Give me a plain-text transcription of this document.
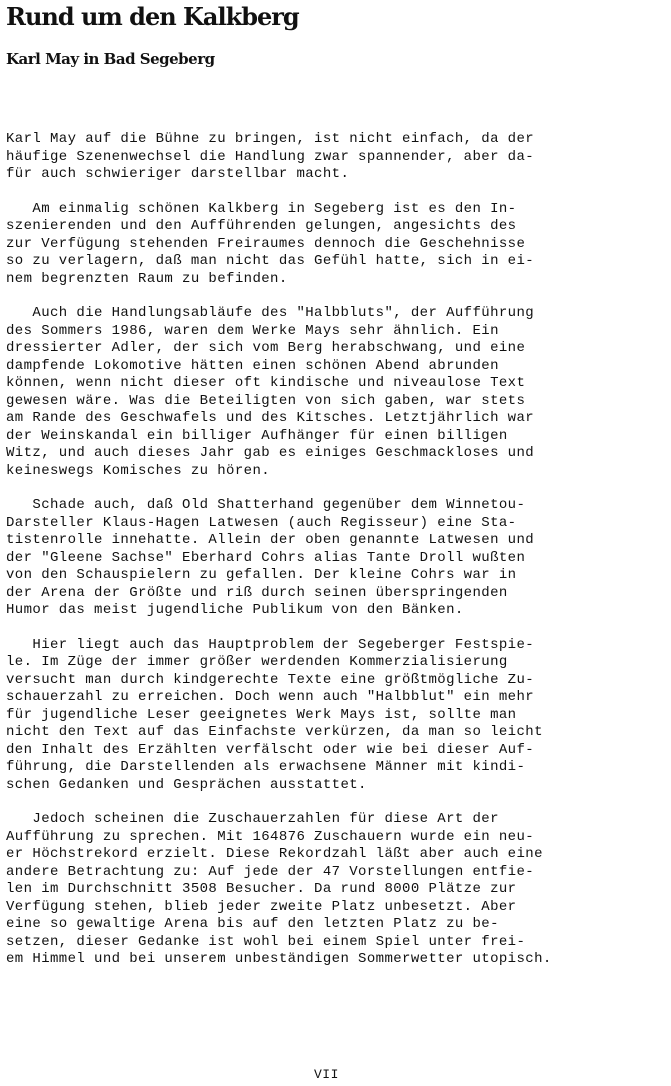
Rund um den Kalkberg
Karl May in Bad Segeberg

Karl May auf die Bühne zu bringen, ist nicht einfach, da der
häufige Szenenwechsel die Handlung zwar spannender, aber da-
für auch schwieriger darstellbar macht.

Am einmalig schönen Kalkberg in Segeberg ist es den In-
szenierenden und den Aufführenden gelungen, angesichts des
zur Verfügung stehenden Freiraumes dennoch die Geschehnisse
so zu verlagern, daß man nicht das Gefühl hatte, sich in ei-
nem begrenzten Raum zu befinden.

Auch die Handlungsabläufe des "Halbbluts", der Aufführung
des Sommers 1986, waren dem Werke Mays sehr ähnlich. Ein
dressierter Adler, der sich vom Berg herabschwang, und eine
dampfende Lokomotive hätten einen schönen Abend abrunden
können, wenn nicht dieser oft kindische und niveaulose Text
gewesen wäre. Was die Beteiligten von sich gaben, war stets
am Rande des Geschwafels und des Kitsches. Letztjährlich war
der Weinskandal ein billiger Aufhänger für einen billigen
Witz, und auch dieses Jahr gab es einiges Geschmackloses und
keineswegs Komisches zu hören.

Schade auch, daß Old Shatterhand gegenüber dem Winnetou-
Darsteller Klaus-Hagen Latwesen (auch Regisseur) eine Sta-
tistenrolle innehatte. Allein der oben genannte Latwesen und
der "Gleene Sachse" Eberhard Cohrs alias Tante Droll wußten
von den Schauspielern zu gefallen. Der kleine Cohrs war in
der Arena der Größte und riß durch seinen überspringenden
Humor das meist jugendliche Publikum von den Bänken.

Hier liegt auch das Hauptproblem der Segeberger Festspie-
le. Im Züge der immer größer werdenden Kommerzialisierung
versucht man durch kindgerechte Texte eine größtmögliche Zu-
schauerzahl zu erreichen. Doch wenn auch "Halbblut" ein mehr
für jugendliche Leser geeignetes Werk Mays ist, sollte man
nicht den Text auf das Einfachste verkürzen, da man so leicht
den Inhalt des Erzählten verfälscht oder wie bei dieser Auf-
führung, die Darstellenden als erwachsene Männer mit kindi-
schen Gedanken und Gesprächen ausstattet.

Jedoch scheinen die Zuschauerzahlen für diese Art der
Aufführung zu sprechen. Mit 164876 Zuschauern wurde ein neu-
er Höchstrekord erzielt. Diese Rekordzahl läßt aber auch eine
andere Betrachtung zu: Auf jede der 47 Vorstellungen entfie-
len im Durchschnitt 3508 Besucher. Da rund 8000 Plätze zur
Verfügung stehen, blieb jeder zweite Platz unbesetzt. Aber
eine so gewaltige Arena bis auf den letzten Platz zu be-
setzen, dieser Gedanke ist wohl bei einem Spiel unter frei-
em Himmel und bei unserem unbeständigen Sommerwetter utopisch.

VII
